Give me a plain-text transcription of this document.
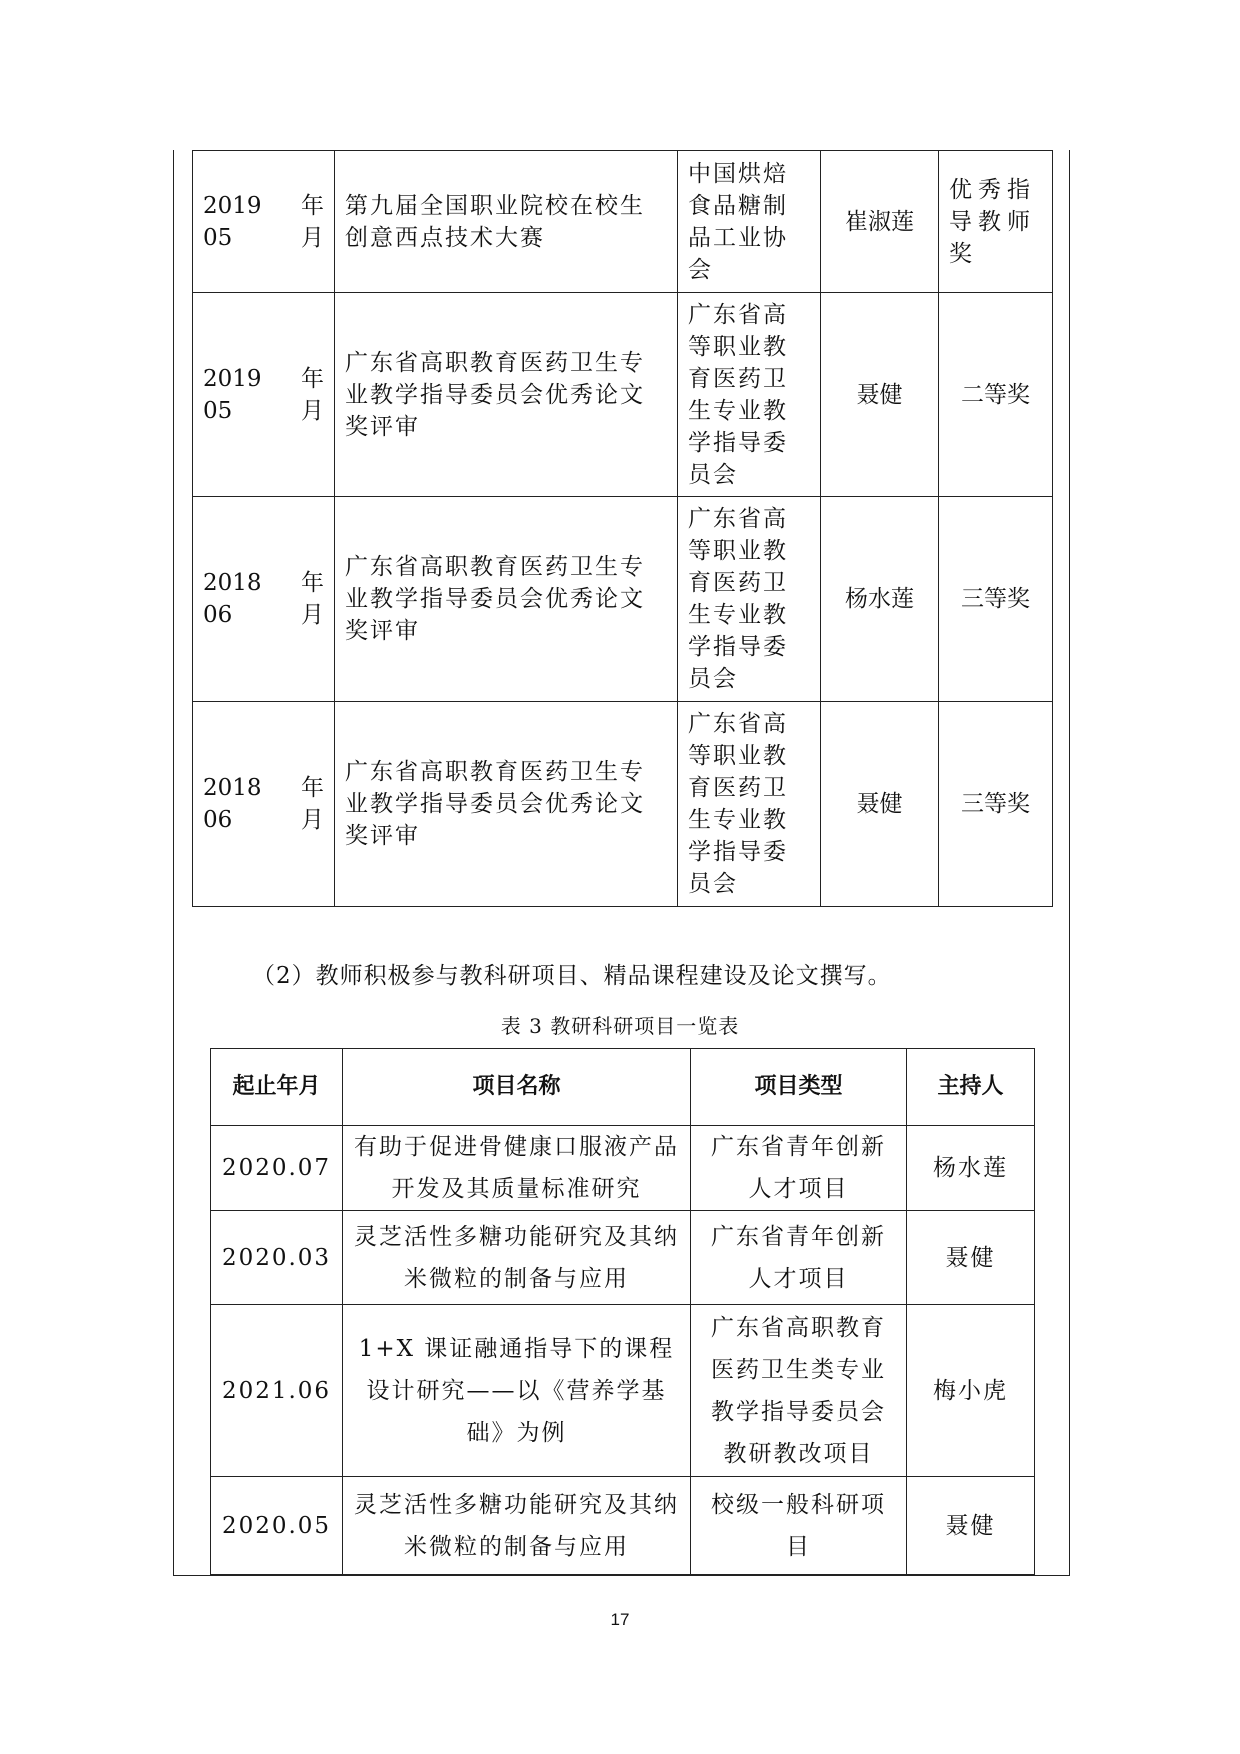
2019 年 05 月	第九届全国职业院校在校生创意西点技术大赛	中国烘焙食品糖制品工业协会	崔淑莲	优秀指导教师奖
2019 年 05 月	广东省高职教育医药卫生专业教学指导委员会优秀论文奖评审	广东省高等职业教育医药卫生专业教学指导委员会	聂健	二等奖
2018 年 06 月	广东省高职教育医药卫生专业教学指导委员会优秀论文奖评审	广东省高等职业教育医药卫生专业教学指导委员会	杨水莲	三等奖
2018 年 06 月	广东省高职教育医药卫生专业教学指导委员会优秀论文奖评审	广东省高等职业教育医药卫生专业教学指导委员会	聂健	三等奖
（2）教师积极参与教科研项目、精品课程建设及论文撰写。
表 3 教研科研项目一览表
起止年月	项目名称	项目类型	主持人
2020.07	有助于促进骨健康口服液产品开发及其质量标准研究	广东省青年创新人才项目	杨水莲
2020.03	灵芝活性多糖功能研究及其纳米微粒的制备与应用	广东省青年创新人才项目	聂健
2021.06	1+X 课证融通指导下的课程设计研究——以《营养学基础》为例	广东省高职教育医药卫生类专业教学指导委员会教研教改项目	梅小虎
2020.05	灵芝活性多糖功能研究及其纳米微粒的制备与应用	校级一般科研项目	聂健
17
